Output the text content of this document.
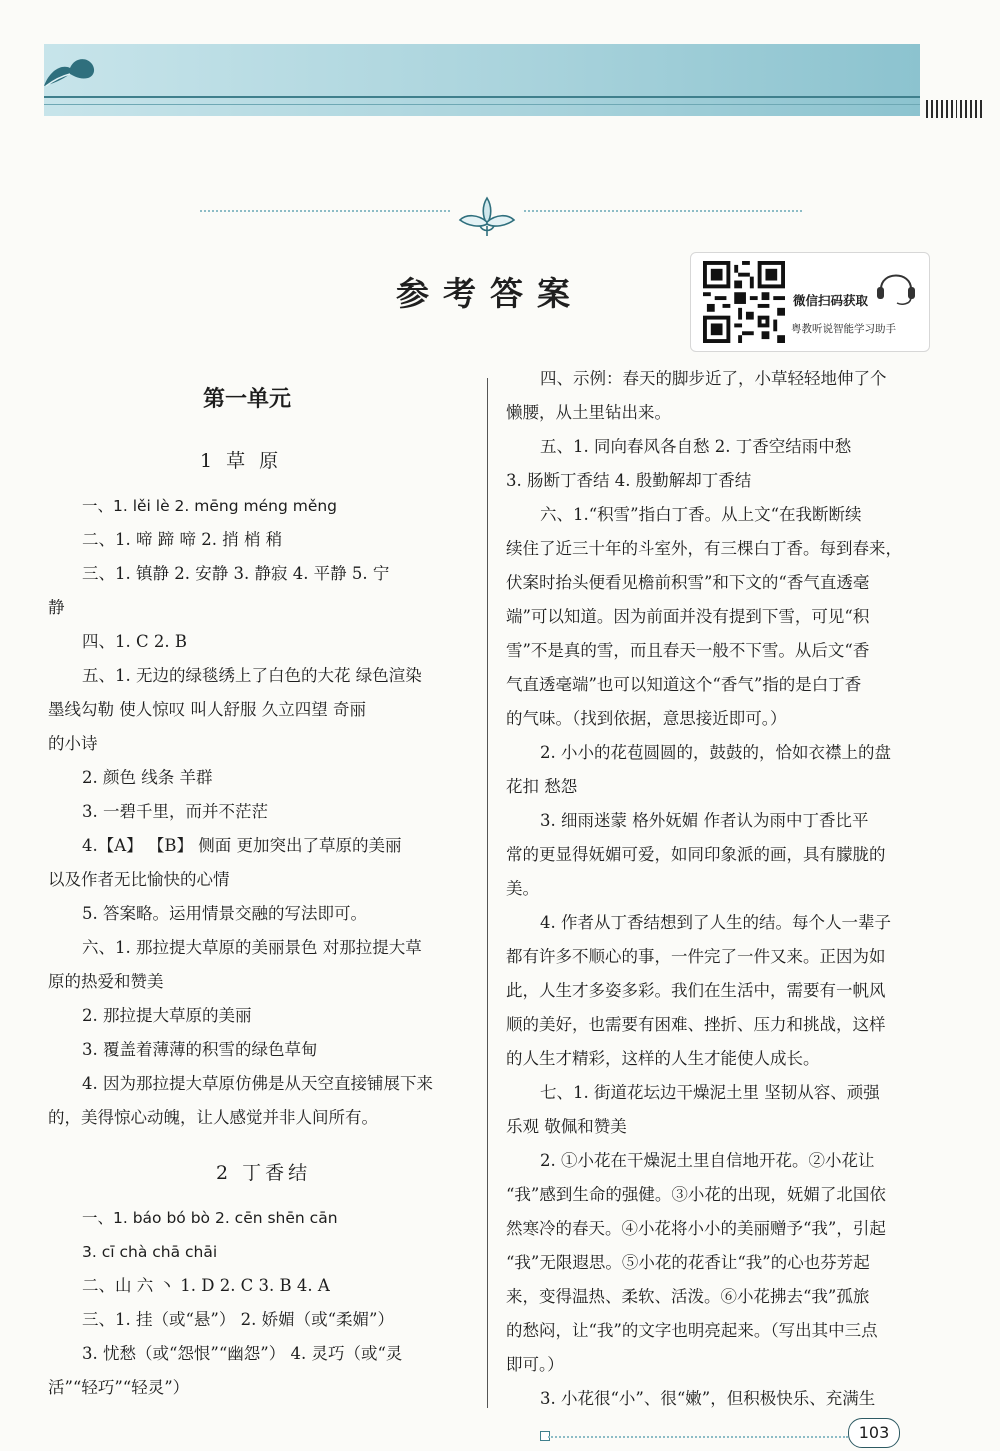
参考答案	微信扫码获取
粤教听说智能学习助手
第一单元
1 草 原
一、1. lěi lè 2. mēng méng měng
二、1. 啼 蹄 啼 2. 捎 梢 稍
三、1. 镇静 2. 安静 3. 静寂 4. 平静 5. 宁
静
四、1. C 2. B
五、1. 无边的绿毯绣上了白色的大花 绿色渲染
墨线勾勒 使人惊叹 叫人舒服 久立四望 奇丽
的小诗
2. 颜色 线条 羊群
3. 一碧千里，而并不茫茫
4.【A】 【B】 侧面 更加突出了草原的美丽
以及作者无比愉快的心情
5. 答案略。运用情景交融的写法即可。
六、1. 那拉提大草原的美丽景色 对那拉提大草
原的热爱和赞美
2. 那拉提大草原的美丽
3. 覆盖着薄薄的积雪的绿色草甸
4. 因为那拉提大草原仿佛是从天空直接铺展下来
的，美得惊心动魄，让人感觉并非人间所有。
2 丁香结
一、1. báo bó bò 2. cēn shēn cān
3. cī chà chā chāi
二、山 六 丶 1. D 2. C 3. B 4. A
三、1. 挂（或“悬”） 2. 娇媚（或“柔媚”）
3. 忧愁（或“怨恨”“幽怨”） 4. 灵巧（或“灵
活”“轻巧”“轻灵”）
四、示例：春天的脚步近了，小草轻轻地伸了个
懒腰，从土里钻出来。
五、1. 同向春风各自愁 2. 丁香空结雨中愁
3. 肠断丁香结 4. 殷勤解却丁香结
六、1.“积雪”指白丁香。从上文“在我断断续
续住了近三十年的斗室外，有三棵白丁香。每到春来，
伏案时抬头便看见檐前积雪”和下文的“香气直透毫
端”可以知道。因为前面并没有提到下雪，可见“积
雪”不是真的雪，而且春天一般不下雪。从后文“香
气直透毫端”也可以知道这个“香气”指的是白丁香
的气味。（找到依据，意思接近即可。）
2. 小小的花苞圆圆的，鼓鼓的，恰如衣襟上的盘
花扣 愁怨
3. 细雨迷蒙 格外妩媚 作者认为雨中丁香比平
常的更显得妩媚可爱，如同印象派的画，具有朦胧的
美。
4. 作者从丁香结想到了人生的结。每个人一辈子
都有许多不顺心的事，一件完了一件又来。正因为如
此，人生才多姿多彩。我们在生活中，需要有一帆风
顺的美好，也需要有困难、挫折、压力和挑战，这样
的人生才精彩，这样的人生才能使人成长。
七、1. 街道花坛边干燥泥土里 坚韧从容、顽强
乐观 敬佩和赞美
2. ①小花在干燥泥土里自信地开花。②小花让
“我”感到生命的强健。③小花的出现，妩媚了北国依
然寒冷的春天。④小花将小小的美丽赠予“我”，引起
“我”无限遐思。⑤小花的花香让“我”的心也芬芳起
来，变得温热、柔软、活泼。⑥小花拂去“我”孤旅
的愁闷，让“我”的文字也明亮起来。（写出其中三点
即可。）
3. 小花很“小”、很“嫩”，但积极快乐、充满生
103
